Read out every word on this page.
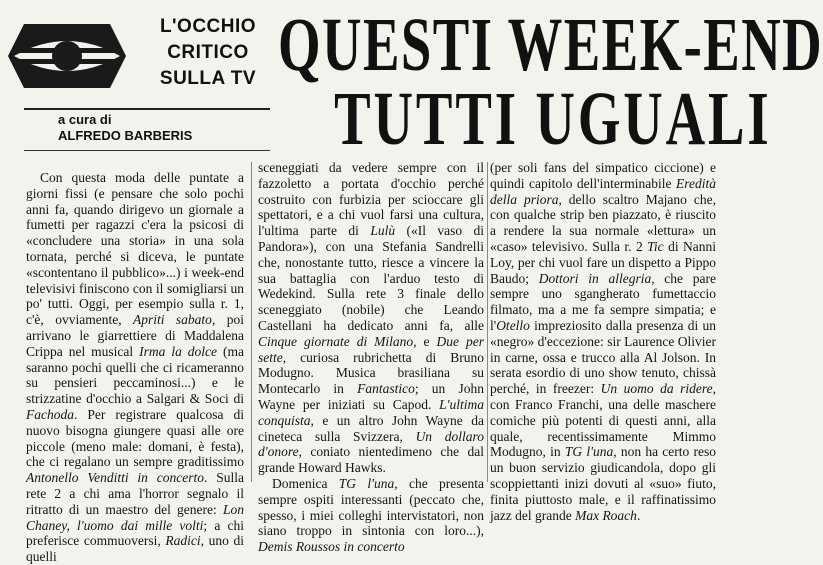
L'OCCHIO
CRITICO
SULLA TV
a cura di
ALFREDO BARBERIS
QUESTI WEEK-END
TUTTI UGUALI

Con questa moda delle puntate a giorni fissi (e pensare che solo pochi anni fa, quando dirigevo un giornale a fumetti per ragazzi c'era la psicosi di «concludere una storia» in una sola tornata, perché si diceva, le puntate «scontentano il pubblico»...) i week-end televisivi finiscono con il somigliarsi un po' tutti. Oggi, per esempio sulla r. 1, c'è, ovviamente, Apriti sabato, poi arrivano le giarrettiere di Maddalena Crippa nel musical Irma la dolce (ma saranno pochi quelli che ci ricameranno su pensieri peccaminosi...) e le strizzatine d'occhio a Salgari & Soci di Fachoda. Per registrare qualcosa di nuovo bisogna giungere quasi alle ore piccole (meno male: domani, è festa), che ci regalano un sempre graditissimo Antonello Venditti in concerto. Sulla rete 2 a chi ama l'horror segnalo il ritratto di un maestro del genere: Lon Chaney, l'uomo dai mille volti; a chi preferisce commuoversi, Radici, uno di quelli

sceneggiati da vedere sempre con il fazzoletto a portata d'occhio perché costruito con furbizia per scioccare gli spettatori, e a chi vuol farsi una cultura, l'ultima parte di Lulù («Il vaso di Pandora»), con una Stefania Sandrelli che, nonostante tutto, riesce a vincere la sua battaglia con l'arduo testo di Wedekind. Sulla rete 3 finale dello sceneggiato (nobile) che Leando Castellani ha dedicato anni fa, alle Cinque giornate di Milano, e Due per sette, curiosa rubrichetta di Bruno Modugno. Musica brasiliana su Montecarlo in Fantastico; un John Wayne per iniziati su Capod. L'ultima conquista, e un altro John Wayne da cineteca sulla Svizzera, Un dollaro d'onore, coniato nientedimeno che dal grande Howard Hawks.
Domenica TG l'una, che presenta sempre ospiti interessanti (peccato che, spesso, i miei colleghi intervistatori, non siano troppo in sintonia con loro...), Demis Roussos in concerto

(per soli fans del simpatico ciccione) e quindi capitolo dell'interminabile Eredità della priora, dello scaltro Majano che, con qualche strip ben piazzato, è riuscito a rendere la sua normale «lettura» un «caso» televisivo. Sulla r. 2 Tic di Nanni Loy, per chi vuol fare un dispetto a Pippo Baudo; Dottori in allegria, che pare sempre uno sgangherato fumettaccio filmato, ma a me fa sempre simpatia; e l'Otello impreziosito dalla presenza di un «negro» d'eccezione: sir Laurence Olivier in carne, ossa e trucco alla Al Jolson. In serata esordio di uno show tenuto, chissà perché, in freezer: Un uomo da ridere, con Franco Franchi, una delle maschere comiche più potenti di questi anni, alla quale, recentissimamente Mimmo Modugno, in TG l'una, non ha certo reso un buon servizio giudicandola, dopo gli scoppiettanti inizi dovuti al «suo» fiuto, finita piuttosto male, e il raffinatissimo jazz del grande Max Roach.
